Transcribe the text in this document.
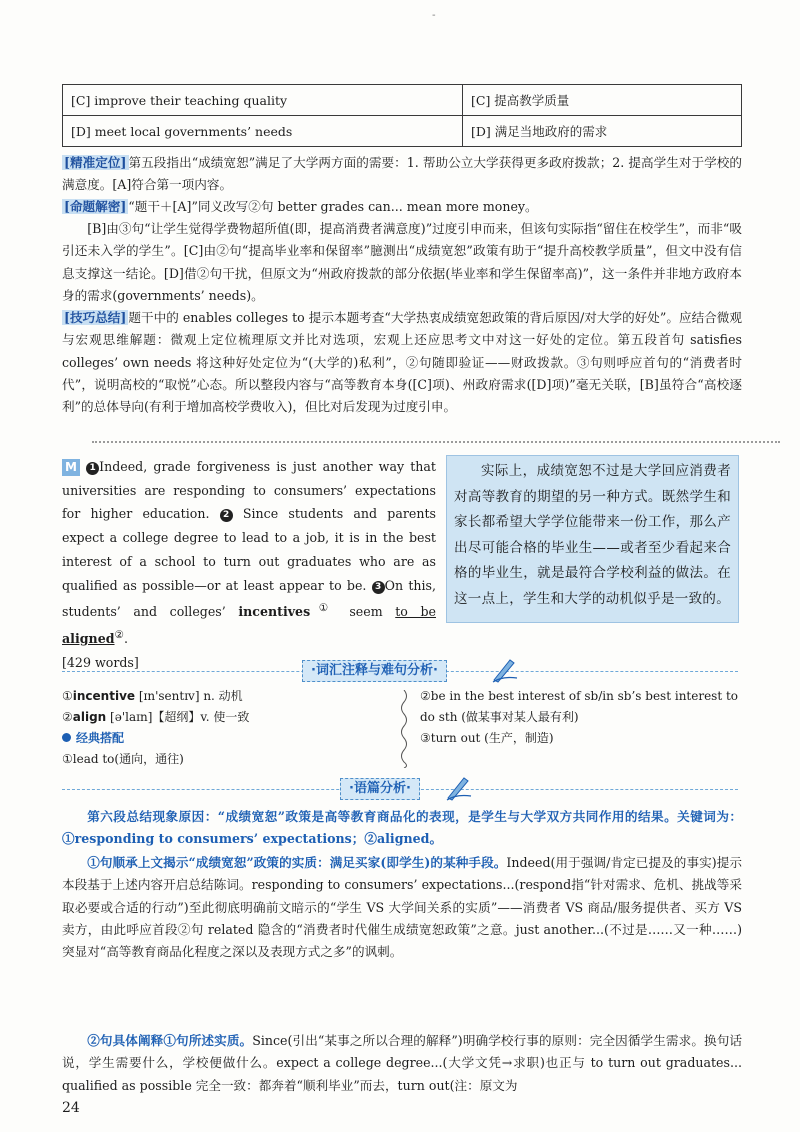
-
[C] improve their teaching quality	[C] 提高教学质量
[D] meet local governments’ needs	[D] 满足当地政府的需求

[精准定位] 第五段指出“成绩宽恕”满足了大学两方面的需要：1. 帮助公立大学获得更多政府拨款；2. 提高学生对于学校的满意度。[A]符合第一项内容。

[命题解密] “题干＋[A]”同义改写②句 better grades can... mean more money。

[B]由③句“让学生觉得学费物超所值(即，提高消费者满意度)”过度引申而来，但该句实际指“留住在校学生”，而非“吸引还未入学的学生”。[C]由②句“提高毕业率和保留率”臆测出“成绩宽恕”政策有助于“提升高校教学质量”，但文中没有信息支撑这一结论。[D]借②句干扰，但原文为“州政府拨款的部分依据(毕业率和学生保留率高)”，这一条件并非地方政府本身的需求(governments’ needs)。

[技巧总结] 题干中的 enables colleges to 提示本题考查“大学热衷成绩宽恕政策的背后原因/对大学的好处”。应结合微观与宏观思维解题：微观上定位梳理原文并比对选项，宏观上还应思考文中对这一好处的定位。第五段首句 satisfies colleges’ own needs 将这种好处定位为“(大学的)私利”，②句随即验证——财政拨款。③句则呼应首句的“消费者时代”，说明高校的“取悦”心态。所以整段内容与“高等教育本身([C]项)、州政府需求([D]项)”毫无关联，[B]虽符合“高校逐利”的总体导向(有利于增加高校学费收入)，但比对后发现为过度引申。

M 1 Indeed, grade forgiveness is just another way that universities are responding to consumers’ expectations for higher education. 2 Since students and parents expect a college degree to lead to a job, it is in the best interest of a school to turn out graduates who are as qualified as possible—or at least appear to be. 3 On this, students’ and colleges’ incentives① seem to be aligned②.
[429 words]

实际上，成绩宽恕不过是大学回应消费者对高等教育的期望的另一种方式。既然学生和家长都希望大学学位能带来一份工作，那么产出尽可能合格的毕业生——或者至少看起来合格的毕业生，就是最符合学校利益的做法。在这一点上，学生和大学的动机似乎是一致的。

·词汇注释与难句分析·
①incentive [ɪn'sentɪv] n. 动机
②align [ə'laɪn]【超纲】v. 使一致
经典搭配
①lead to(通向，通往)
②be in the best interest of sb/in sb’s best interest to do sth (做某事对某人最有利)
③turn out (生产，制造)
·语篇分析·

第六段总结现象原因：“成绩宽恕”政策是高等教育商品化的表现，是学生与大学双方共同作用的结果。关键词为：①responding to consumers’ expectations；②aligned。

①句顺承上文揭示“成绩宽恕”政策的实质：满足买家(即学生)的某种手段。Indeed(用于强调/肯定已提及的事实)提示本段基于上述内容开启总结陈词。responding to consumers’ expectations...(respond指“针对需求、危机、挑战等采取必要或合适的行动”)至此彻底明确前文暗示的“学生 VS 大学间关系的实质”——消费者 VS 商品/服务提供者、买方 VS 卖方，由此呼应首段②句 related 隐含的“消费者时代催生成绩宽恕政策”之意。just another...(不过是……又一种……)突显对“高等教育商品化程度之深以及表现方式之多”的讽刺。

②句具体阐释①句所述实质。Since(引出“某事之所以合理的解释”)明确学校行事的原则：完全因循学生需求。换句话说，学生需要什么，学校便做什么。expect a college degree...(大学文凭→求职)也正与 to turn out graduates... qualified as possible 完全一致：都奔着“顺利毕业”而去，turn out(注：原文为

24
